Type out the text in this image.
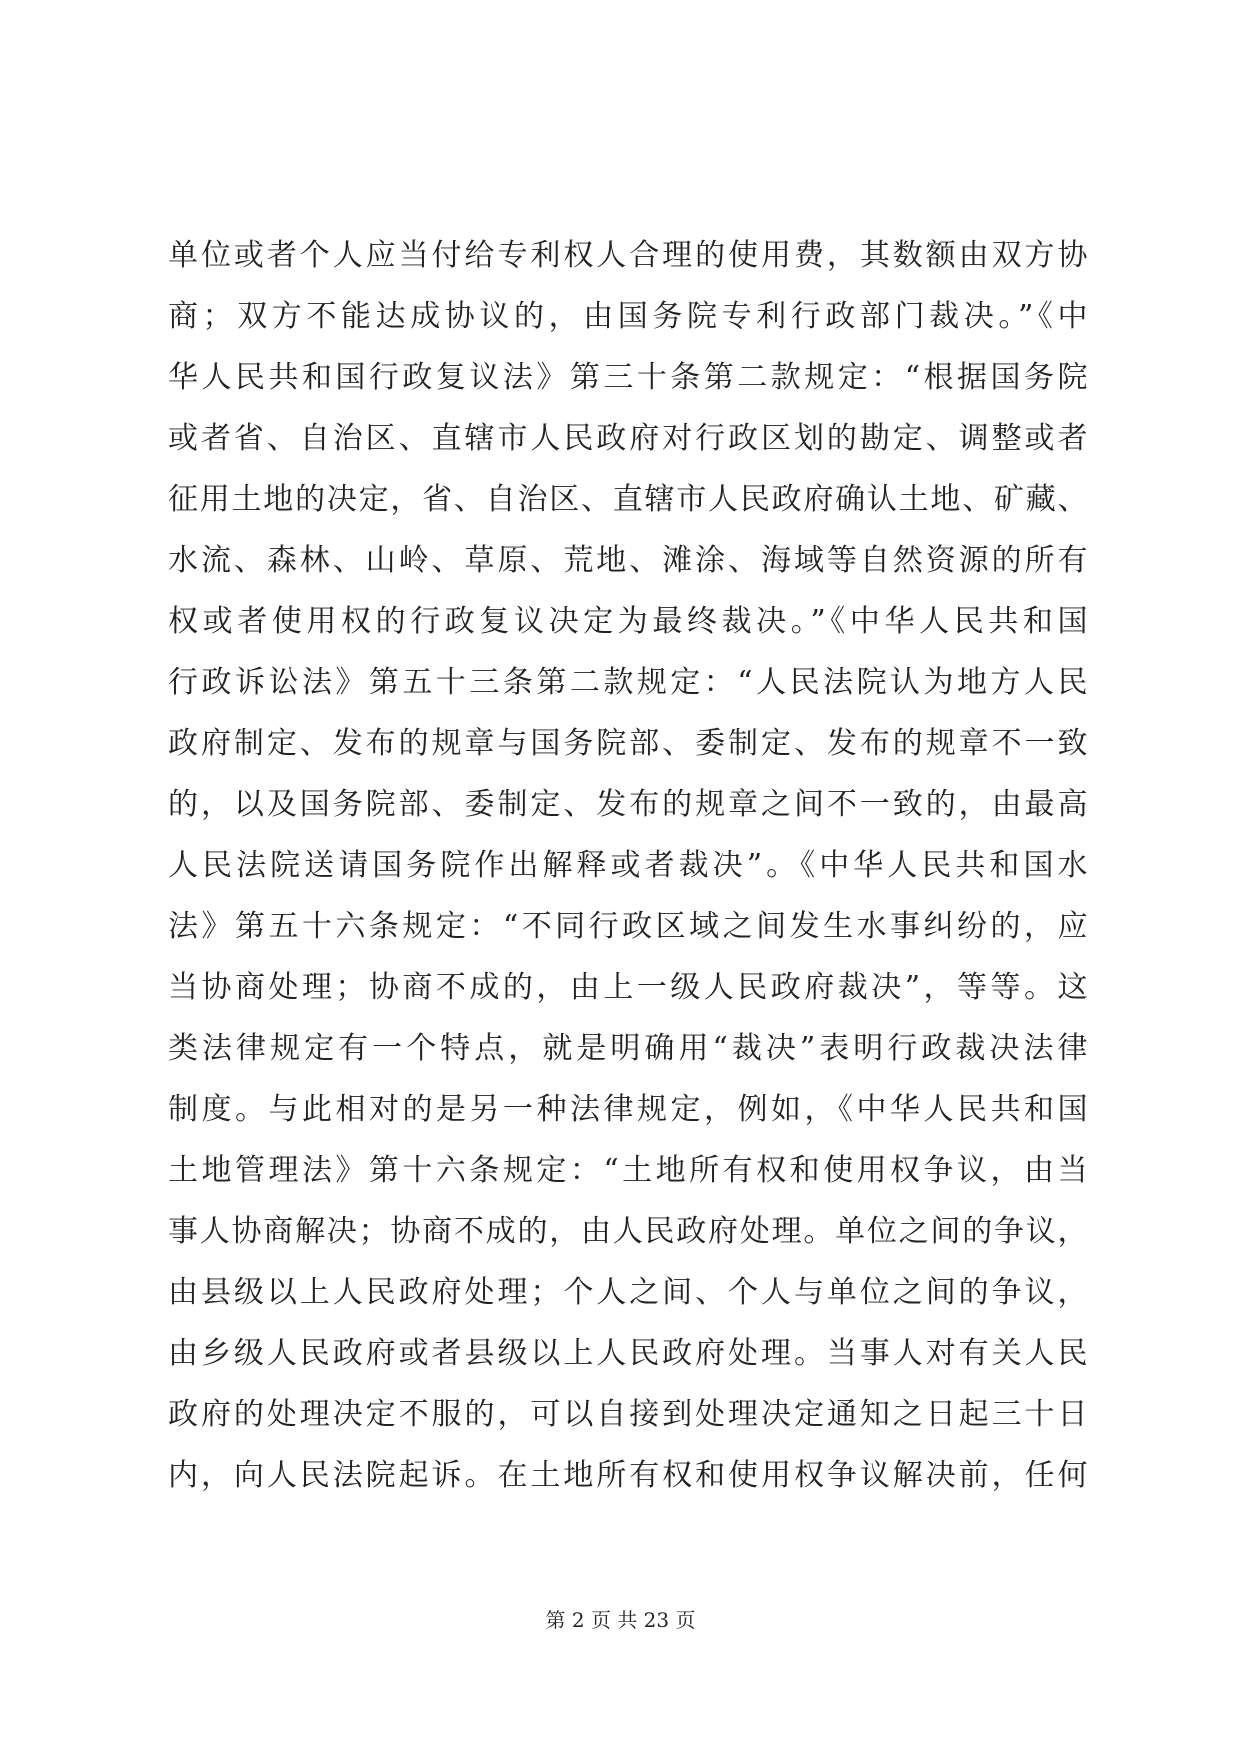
单位或者个人应当付给专利权人合理的使用费，其数额由双方协
商；双方不能达成协议的，由国务院专利行政部门裁决。”《中
华人民共和国行政复议法》第三十条第二款规定：“根据国务院
或者省、自治区、直辖市人民政府对行政区划的勘定、调整或者
征用土地的决定，省、自治区、直辖市人民政府确认土地、矿藏、
水流、森林、山岭、草原、荒地、滩涂、海域等自然资源的所有
权或者使用权的行政复议决定为最终裁决。”《中华人民共和国
行政诉讼法》第五十三条第二款规定：“人民法院认为地方人民
政府制定、发布的规章与国务院部、委制定、发布的规章不一致
的，以及国务院部、委制定、发布的规章之间不一致的，由最高
人民法院送请国务院作出解释或者裁决”。《中华人民共和国水
法》第五十六条规定：“不同行政区域之间发生水事纠纷的，应
当协商处理；协商不成的，由上一级人民政府裁决”，等等。这
类法律规定有一个特点，就是明确用“裁决”表明行政裁决法律
制度。与此相对的是另一种法律规定，例如，《中华人民共和国
土地管理法》第十六条规定：“土地所有权和使用权争议，由当
事人协商解决；协商不成的，由人民政府处理。单位之间的争议，
由县级以上人民政府处理；个人之间、个人与单位之间的争议，
由乡级人民政府或者县级以上人民政府处理。当事人对有关人民
政府的处理决定不服的，可以自接到处理决定通知之日起三十日
内，向人民法院起诉。在土地所有权和使用权争议解决前，任何
第 2 页 共 23 页
